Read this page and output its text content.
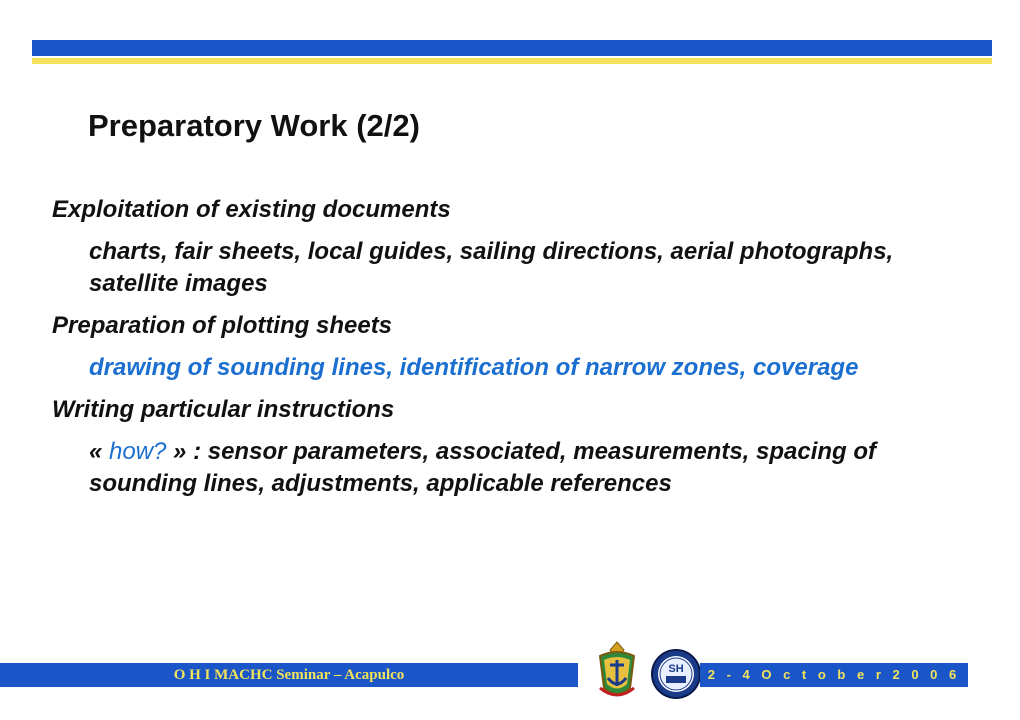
Preparatory Work (2/2)
Exploitation of existing documents
charts, fair sheets, local guides, sailing directions, aerial photographs, satellite images
Preparation of plotting sheets
drawing of sounding lines, identification of narrow zones, coverage
Writing particular instructions
« how? » : sensor parameters, associated, measurements, spacing of sounding lines, adjustments, applicable references
O H I MACHC Seminar – Acapulco	SH	2 - 4 O c t o b e r 2 0 0 6
